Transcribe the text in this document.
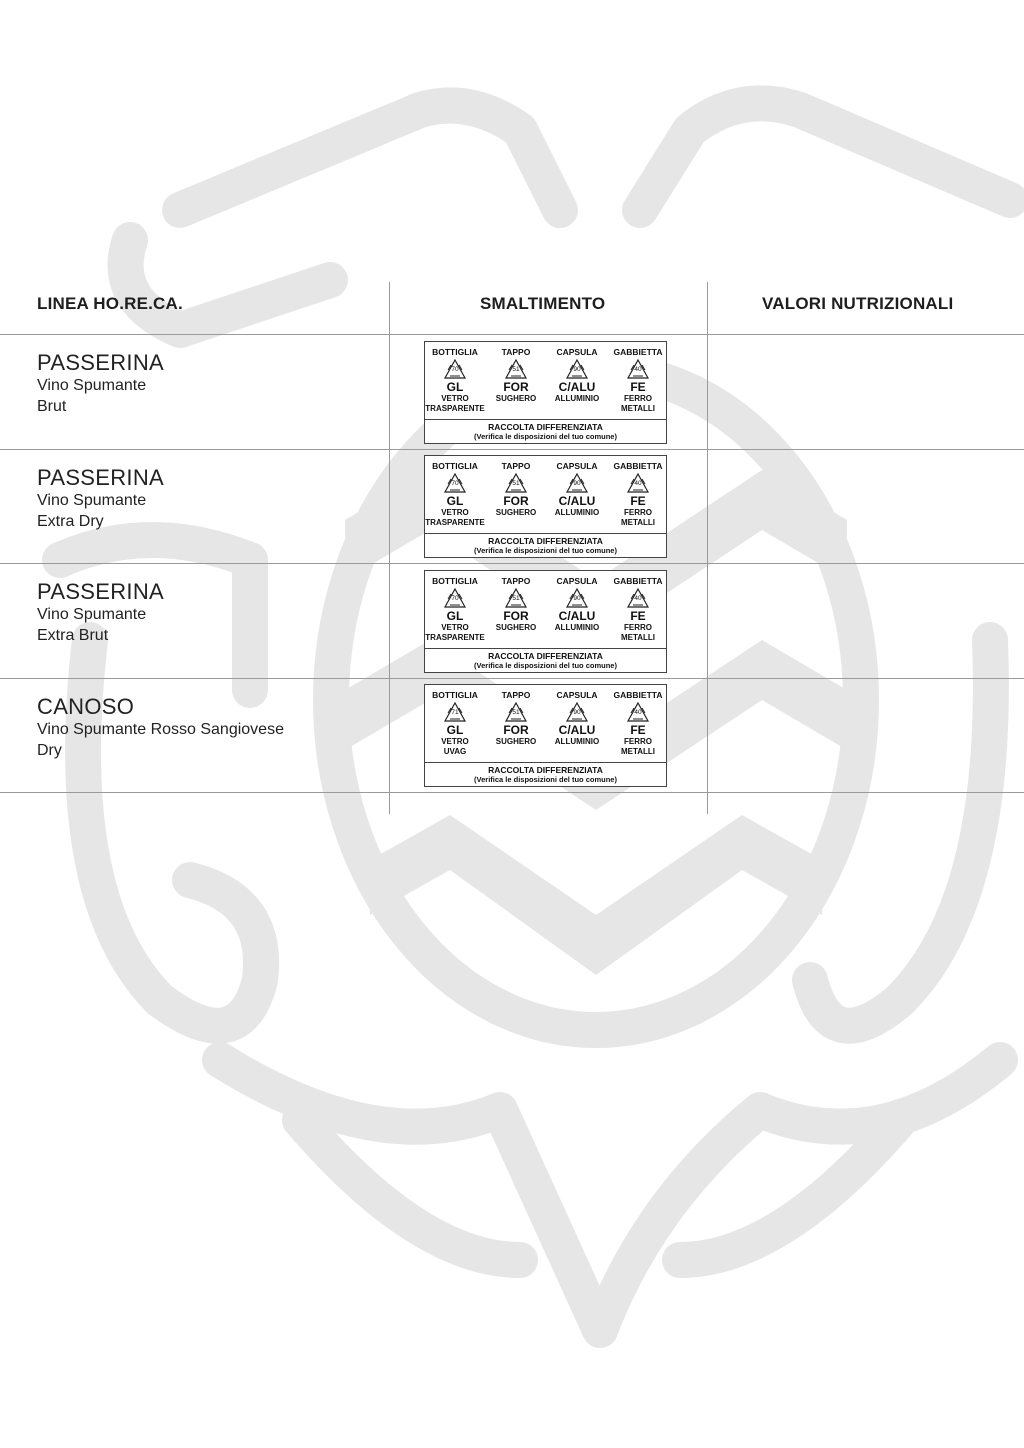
LINEA HO.RE.CA.	SMALTIMENTO	VALORI NUTRIZIONALI
PASSERINA
Vino Spumante
Brut
BOTTIGLIA
70
GL
VETRO
TRASPARENTE
TAPPO
51
FOR
SUGHERO
CAPSULA
90
C/ALU
ALLUMINIO
GABBIETTA
40
FE
FERRO
METALLI
RACCOLTA DIFFERENZIATA
(Verifica le disposizioni del tuo comune)
PASSERINA
Vino Spumante
Extra Dry
BOTTIGLIA
70
GL
VETRO
TRASPARENTE
TAPPO
51
FOR
SUGHERO
CAPSULA
90
C/ALU
ALLUMINIO
GABBIETTA
40
FE
FERRO
METALLI
RACCOLTA DIFFERENZIATA
(Verifica le disposizioni del tuo comune)
PASSERINA
Vino Spumante
Extra Brut
BOTTIGLIA
70
GL
VETRO
TRASPARENTE
TAPPO
51
FOR
SUGHERO
CAPSULA
90
C/ALU
ALLUMINIO
GABBIETTA
40
FE
FERRO
METALLI
RACCOLTA DIFFERENZIATA
(Verifica le disposizioni del tuo comune)
CANOSO
Vino Spumante Rosso Sangiovese
Dry
BOTTIGLIA
71
GL
VETRO
UVAG
TAPPO
51
FOR
SUGHERO
CAPSULA
90
C/ALU
ALLUMINIO
GABBIETTA
40
FE
FERRO
METALLI
RACCOLTA DIFFERENZIATA
(Verifica le disposizioni del tuo comune)
